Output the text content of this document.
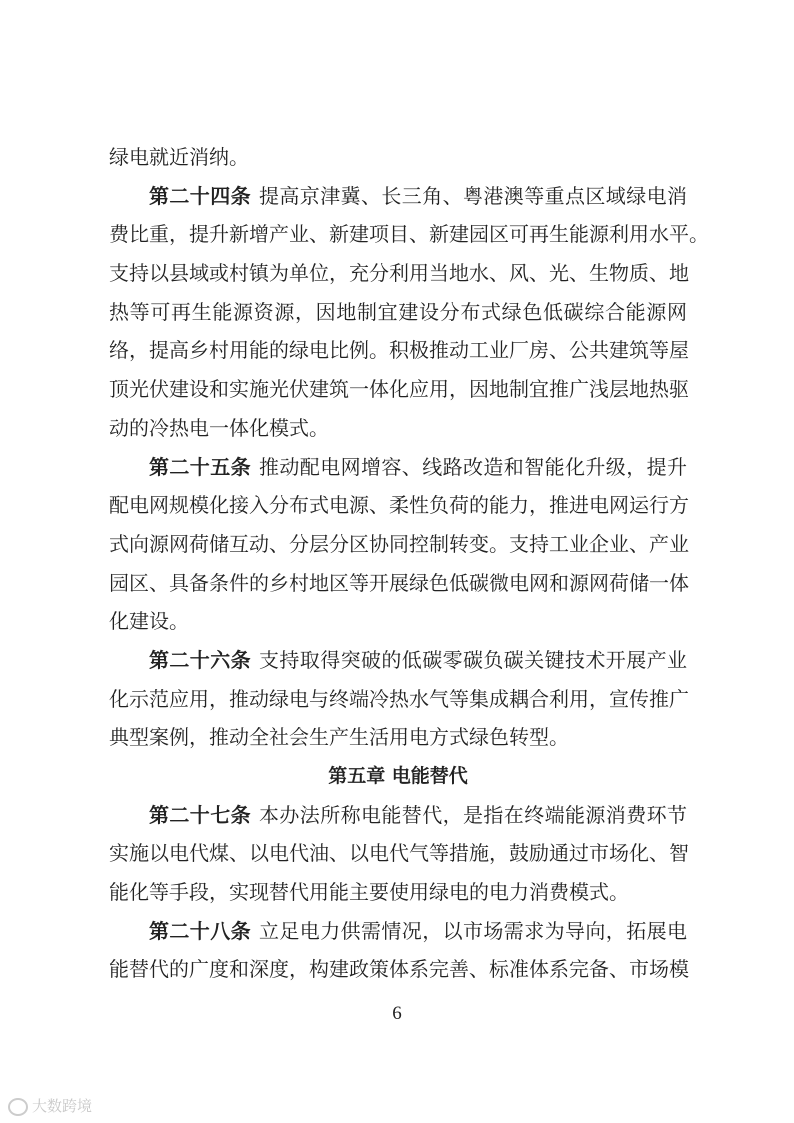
绿电就近消纳。
第二十四条 提高京津冀、长三角、粤港澳等重点区域绿电消
费比重，提升新增产业、新建项目、新建园区可再生能源利用水平。
支持以县域或村镇为单位，充分利用当地水、风、光、生物质、地
热等可再生能源资源，因地制宜建设分布式绿色低碳综合能源网
络，提高乡村用能的绿电比例。积极推动工业厂房、公共建筑等屋
顶光伏建设和实施光伏建筑一体化应用，因地制宜推广浅层地热驱
动的冷热电一体化模式。
第二十五条 推动配电网增容、线路改造和智能化升级，提升
配电网规模化接入分布式电源、柔性负荷的能力，推进电网运行方
式向源网荷储互动、分层分区协同控制转变。支持工业企业、产业
园区、具备条件的乡村地区等开展绿色低碳微电网和源网荷储一体
化建设。
第二十六条 支持取得突破的低碳零碳负碳关键技术开展产业
化示范应用，推动绿电与终端冷热水气等集成耦合利用，宣传推广
典型案例，推动全社会生产生活用电方式绿色转型。
第五章 电能替代
第二十七条 本办法所称电能替代，是指在终端能源消费环节
实施以电代煤、以电代油、以电代气等措施，鼓励通过市场化、智
能化等手段，实现替代用能主要使用绿电的电力消费模式。
第二十八条 立足电力供需情况，以市场需求为导向，拓展电
能替代的广度和深度，构建政策体系完善、标准体系完备、市场模
6
大数跨境
